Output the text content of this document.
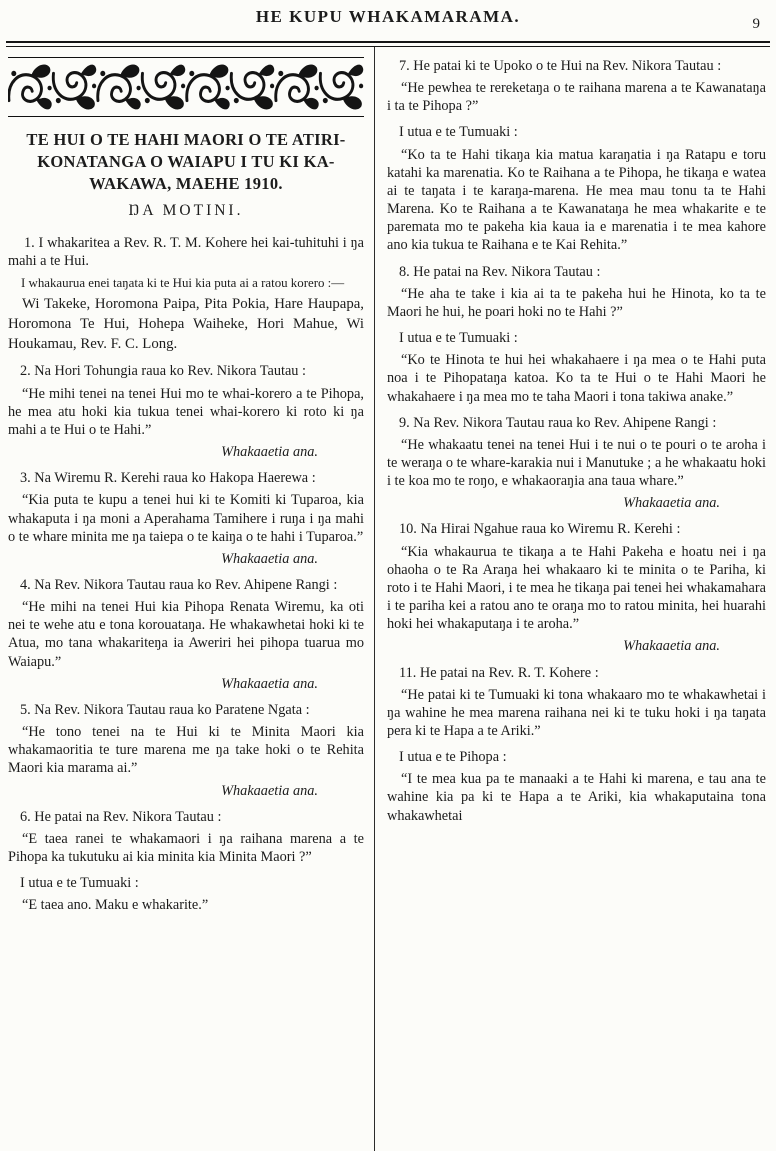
HE KUPU WHAKAMARAMA.	9
TE HUI O TE HAHI MAORI O TE ATIRI-KONATANGA O WAIAPU I TU KI KA-WAKAWA, MAEHE 1910.
ŊA MOTINI.

1. I whakaritea a Rev. R. T. M. Kohere hei kai-tuhituhi i ŋa mahi a te Hui.

I whakaurua enei taŋata ki te Hui kia puta ai a ratou korero :—

Wi Takeke, Horomona Paipa, Pita Pokia, Hare Haupapa, Horomona Te Hui, Hohepa Waiheke, Hori Mahue, Wi Houkamau, Rev. F. C. Long.

2. Na Hori Tohungia raua ko Rev. Nikora Tautau :

“He mihi tenei na tenei Hui mo te whai-korero a te Pihopa, he mea atu hoki kia tukua tenei whai-korero ki roto ki ŋa mahi a te Hui o te Hahi.”

Whakaaetia ana.

3. Na Wiremu R. Kerehi raua ko Hakopa Haerewa :

“Kia puta te kupu a tenei hui ki te Komiti ki Tuparoa, kia whakaputa i ŋa moni a Aperahama Tamihere i ruŋa i ŋa mahi o te whare minita me ŋa taiepa o te kaiŋa o te hahi i Tuparoa.”

Whakaaetia ana.

4. Na Rev. Nikora Tautau raua ko Rev. Ahipene Rangi :

“He mihi na tenei Hui kia Pihopa Renata Wiremu, ka oti nei te wehe atu e tona korouataŋa. He whakawhetai hoki ki te Atua, mo tana whakariteŋa ia Aweriri hei pihopa tuarua mo Waiapu.”

Whakaaetia ana.

5. Na Rev. Nikora Tautau raua ko Paratene Ngata :

“He tono tenei na te Hui ki te Minita Maori kia whakamaoritia te ture marena me ŋa take hoki o te Rehita Maori kia marama ai.”

Whakaaetia ana.

6. He patai na Rev. Nikora Tautau :

“E taea ranei te whakamaori i ŋa raihana marena a te Pihopa ka tukutuku ai kia minita kia Minita Maori ?”

I utua e te Tumuaki :

“E taea ano. Maku e whakarite.”

7. He patai ki te Upoko o te Hui na Rev. Nikora Tautau :

“He pewhea te rereketaŋa o te raihana marena a te Kawanataŋa i ta te Pihopa ?”

I utua e te Tumuaki :

“Ko ta te Hahi tikaŋa kia matua karaŋatia i ŋa Ratapu e toru katahi ka marenatia. Ko te Raihana a te Pihopa, he tikaŋa e watea ai te taŋata i te karaŋa-marena. He mea mau tonu ta te Hahi Marena. Ko te Raihana a te Kawanataŋa he mea whakarite e te paremata mo te pakeha kia kaua ia e marenatia i te mea kahore ano kia tukua te Raihana e te Kai Rehita.”

8. He patai na Rev. Nikora Tautau :

“He aha te take i kia ai ta te pakeha hui he Hinota, ko ta te Maori he hui, he poari hoki no te Hahi ?”

I utua e te Tumuaki :

“Ko te Hinota te hui hei whakahaere i ŋa mea o te Hahi puta noa i te Pihopataŋa katoa. Ko ta te Hui o te Hahi Maori he whakahaere i ŋa mea mo te taha Maori i tona takiwa anake.”

9. Na Rev. Nikora Tautau raua ko Rev. Ahipene Rangi :

“He whakaatu tenei na tenei Hui i te nui o te pouri o te aroha i te weraŋa o te whare-karakia nui i Manutuke ; a he whakaatu hoki i te koa mo te roŋo, e whakaoraŋia ana taua whare.”

Whakaaetia ana.

10. Na Hirai Ngahue raua ko Wiremu R. Kerehi :

“Kia whakaurua te tikaŋa a te Hahi Pakeha e hoatu nei i ŋa ohaoha o te Ra Araŋa hei whakaaro ki te minita o te Pariha, ki roto i te Hahi Maori, i te mea he tikaŋa pai tenei hei whakamahara i te pariha kei a ratou ano te oraŋa mo to ratou minita, hei huarahi hoki hei whakaputaŋa i te aroha.”

Whakaaetia ana.

11. He patai na Rev. R. T. Kohere :

“He patai ki te Tumuaki ki tona whakaaro mo te whakawhetai i ŋa wahine he mea marena raihana nei ki te tuku hoki i ŋa taŋata pera ki te Hapa a te Ariki.”

I utua e te Pihopa :

“I te mea kua pa te manaaki a te Hahi ki marena, e tau ana te wahine kia pa ki te Hapa a te Ariki, kia whakaputaina tona whakawhetai
